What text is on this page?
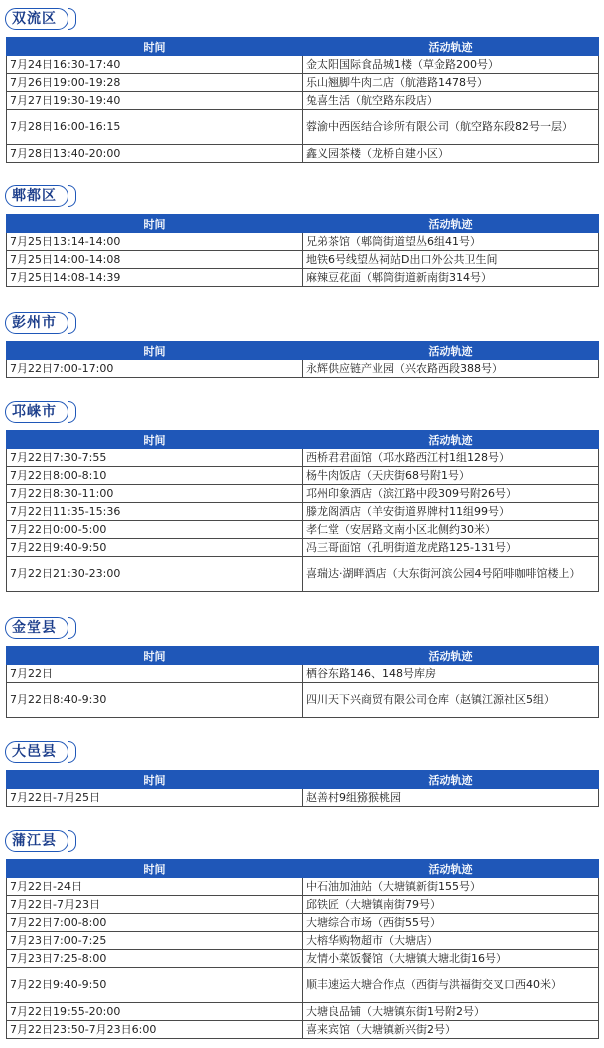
双流区
时间	活动轨迹
7月24日16:30-17:40	金太阳国际食品城1楼（草金路200号）
7月26日19:00-19:28	乐山翘脚牛肉二店（航港路1478号）
7月27日19:30-19:40	兔喜生活（航空路东段店）
7月28日16:00-16:15	蓉渝中西医结合诊所有限公司（航空路东段82号一层）
7月28日13:40-20:00	鑫义园茶楼（龙桥自建小区）
郫都区
时间	活动轨迹
7月25日13:14-14:00	兄弟茶馆（郫筒街道望丛6组41号）
7月25日14:00-14:08	地铁6号线望丛祠站D出口外公共卫生间
7月25日14:08-14:39	麻辣豆花面（郫筒街道新南街314号）
彭州市
时间	活动轨迹
7月22日7:00-17:00	永辉供应链产业园（兴农路西段388号）
邛崃市
时间	活动轨迹
7月22日7:30-7:55	西桥君君面馆（邛水路西江村1组128号）
7月22日8:00-8:10	杨牛肉饭店（天庆街68号附1号）
7月22日8:30-11:00	邛州印象酒店（滨江路中段309号附26号）
7月22日11:35-15:36	滕龙阁酒店（羊安街道界牌村11组99号）
7月22日0:00-5:00	孝仁堂（安居路文南小区北侧约30米）
7月22日9:40-9:50	冯三哥面馆（孔明街道龙虎路125-131号）
7月22日21:30-23:00	喜瑞达·湖畔酒店（大东街河滨公园4号陌啡咖啡馆楼上）
金堂县
时间	活动轨迹
7月22日	栖谷东路146、148号库房
7月22日8:40-9:30	四川天下兴商贸有限公司仓库（赵镇江源社区5组）
大邑县
时间	活动轨迹
7月22日-7月25日	赵善村9组猕猴桃园
蒲江县
时间	活动轨迹
7月22日-24日	中石油加油站（大塘镇新街155号）
7月22日-7月23日	邱铁匠（大塘镇南街79号）
7月22日7:00-8:00	大塘综合市场（西街55号）
7月23日7:00-7:25	大榕华购物超市（大塘店）
7月23日7:25-8:00	友情小菜饭餐馆（大塘镇大塘北街16号）
7月22日9:40-9:50	顺丰速运大塘合作点（西街与洪福街交叉口西40米）
7月22日19:55-20:00	大塘良品铺（大塘镇东街1号附2号）
7月22日23:50-7月23日6:00	喜来宾馆（大塘镇新兴街2号）
